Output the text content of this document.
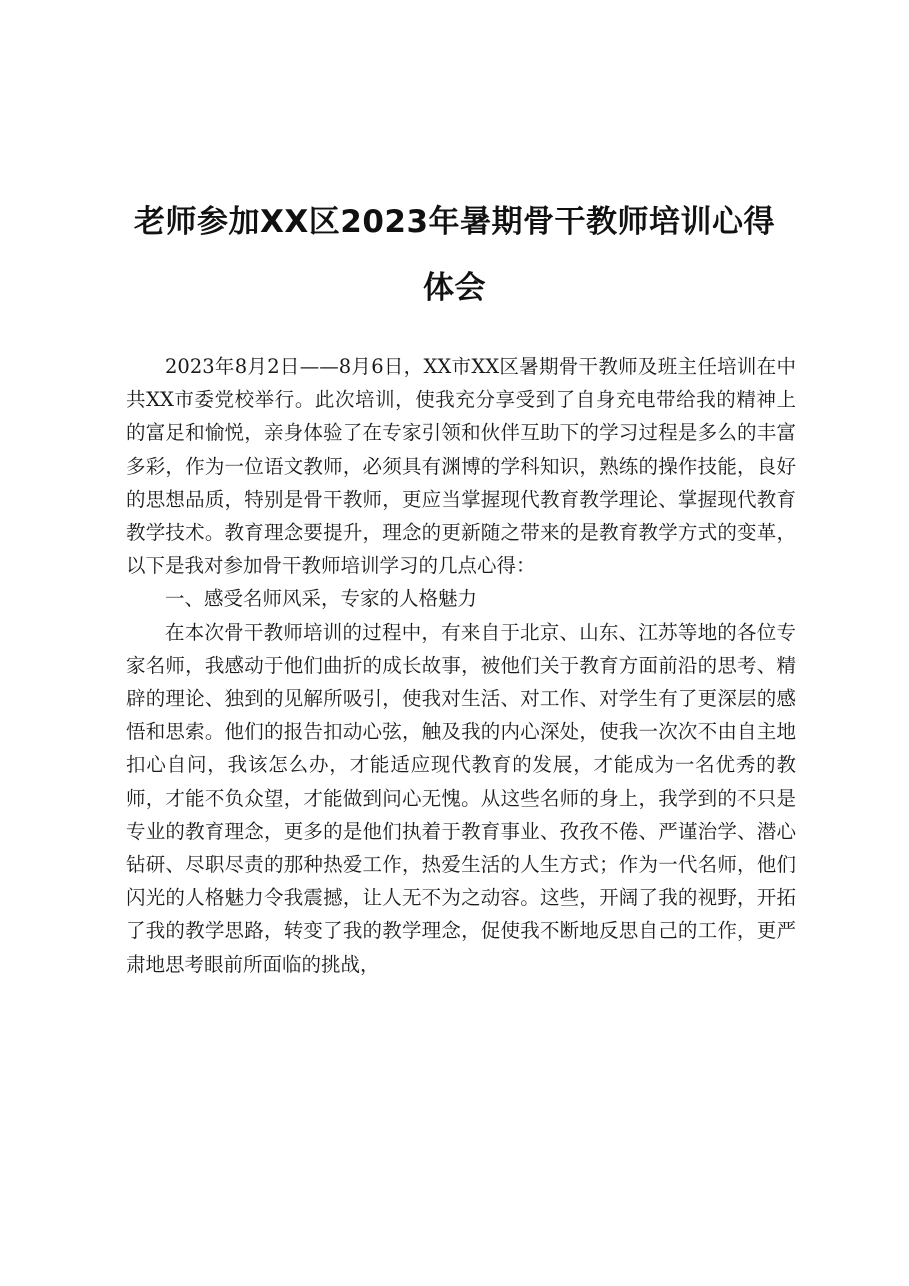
老师参加XX区2023年暑期骨干教师培训心得
体会

2023年8月2日——8月6日，XX市XX区暑期骨干教师及班主任培训在中共XX市委党校举行。此次培训，使我充分享受到了自身充电带给我的精神上的富足和愉悦，亲身体验了在专家引领和伙伴互助下的学习过程是多么的丰富多彩，作为一位语文教师，必须具有渊博的学科知识，熟练的操作技能，良好的思想品质，特别是骨干教师，更应当掌握现代教育教学理论、掌握现代教育教学技术。教育理念要提升，理念的更新随之带来的是教育教学方式的变革，以下是我对参加骨干教师培训学习的几点心得：

一、感受名师风采，专家的人格魅力

在本次骨干教师培训的过程中，有来自于北京、山东、江苏等地的各位专家名师，我感动于他们曲折的成长故事，被他们关于教育方面前沿的思考、精辟的理论、独到的见解所吸引，使我对生活、对工作、对学生有了更深层的感悟和思索。他们的报告扣动心弦，触及我的内心深处，使我一次次不由自主地扣心自问，我该怎么办，才能适应现代教育的发展，才能成为一名优秀的教师，才能不负众望，才能做到问心无愧。从这些名师的身上，我学到的不只是专业的教育理念，更多的是他们执着于教育事业、孜孜不倦、严谨治学、潜心钻研、尽职尽责的那种热爱工作，热爱生活的人生方式；作为一代名师，他们闪光的人格魅力令我震撼，让人无不为之动容。这些，开阔了我的视野，开拓了我的教学思路，转变了我的教学理念，促使我不断地反思自己的工作，更严肃地思考眼前所面临的挑战，
